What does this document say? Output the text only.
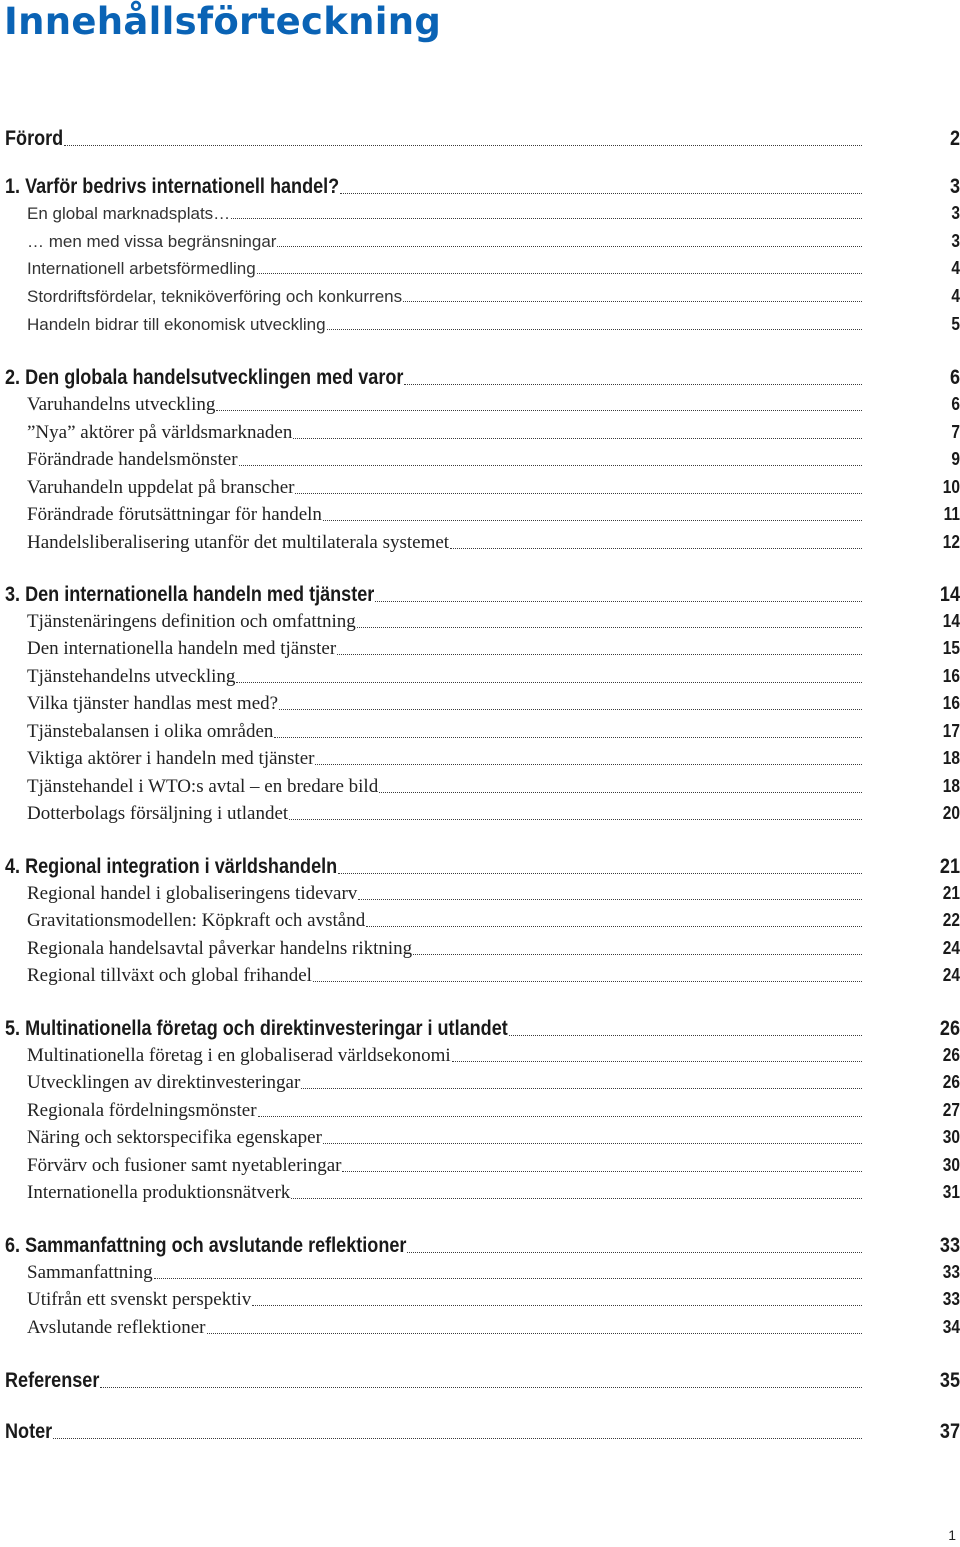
Innehållsförteckning
Förord	2
1. Varför bedrivs internationell handel?	3
En global marknadsplats…	3
… men med vissa begränsningar	3
Internationell arbetsförmedling	4
Stordriftsfördelar, tekniköverföring och konkurrens	4
Handeln bidrar till ekonomisk utveckling	5
2. Den globala handelsutvecklingen med varor	6
Varuhandelns utveckling	6
”Nya” aktörer på världsmarknaden	7
Förändrade handelsmönster	9
Varuhandeln uppdelat på branscher	10
Förändrade förutsättningar för handeln	11
Handelsliberalisering utanför det multilaterala systemet	12
3. Den internationella handeln med tjänster	14
Tjänstenäringens definition och omfattning	14
Den internationella handeln med tjänster	15
Tjänstehandelns utveckling	16
Vilka tjänster handlas mest med?	16
Tjänstebalansen i olika områden	17
Viktiga aktörer i handeln med tjänster	18
Tjänstehandel i WTO:s avtal – en bredare bild	18
Dotterbolags försäljning i utlandet	20
4. Regional integration i världshandeln	21
Regional handel i globaliseringens tidevarv	21
Gravitationsmodellen: Köpkraft och avstånd	22
Regionala handelsavtal påverkar handelns riktning	24
Regional tillväxt och global frihandel	24
5. Multinationella företag och direktinvesteringar i utlandet	26
Multinationella företag i en globaliserad världsekonomi	26
Utvecklingen av direktinvesteringar	26
Regionala fördelningsmönster	27
Näring och sektorspecifika egenskaper	30
Förvärv och fusioner samt nyetableringar	30
Internationella produktionsnätverk	31
6. Sammanfattning och avslutande reflektioner	33
Sammanfattning	33
Utifrån ett svenskt perspektiv	33
Avslutande reflektioner	34
Referenser	35
Noter	37
1
